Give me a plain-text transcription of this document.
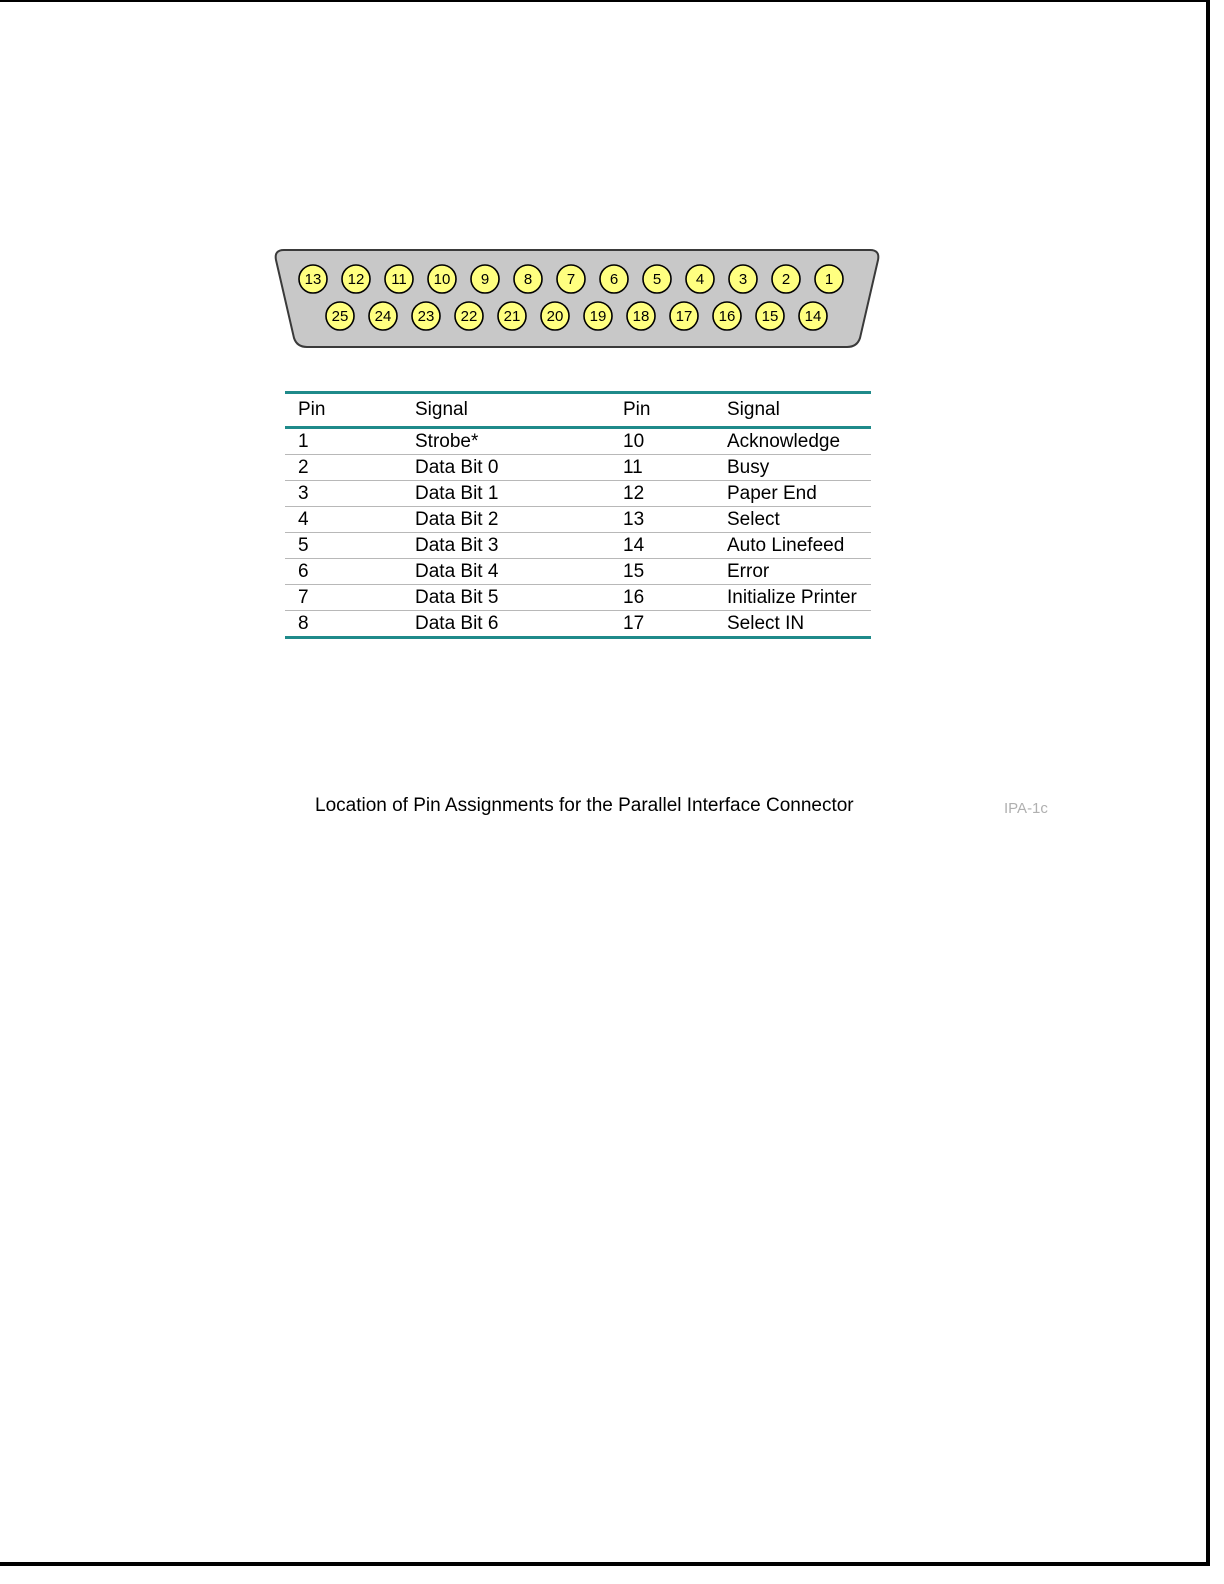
13 12 11 10 9 8 7 6 5 4 3 2 1
25 24 23 22 21 20 19 18 17 16 15 14
Pin	Signal	Pin	Signal
1	Strobe*	10	Acknowledge
2	Data Bit 0	11	Busy
3	Data Bit 1	12	Paper End
4	Data Bit 2	13	Select
5	Data Bit 3	14	Auto Linefeed
6	Data Bit 4	15	Error
7	Data Bit 5	16	Initialize Printer
8	Data Bit 6	17	Select IN
Location of Pin Assignments for the Parallel Interface Connector	IPA-1c
